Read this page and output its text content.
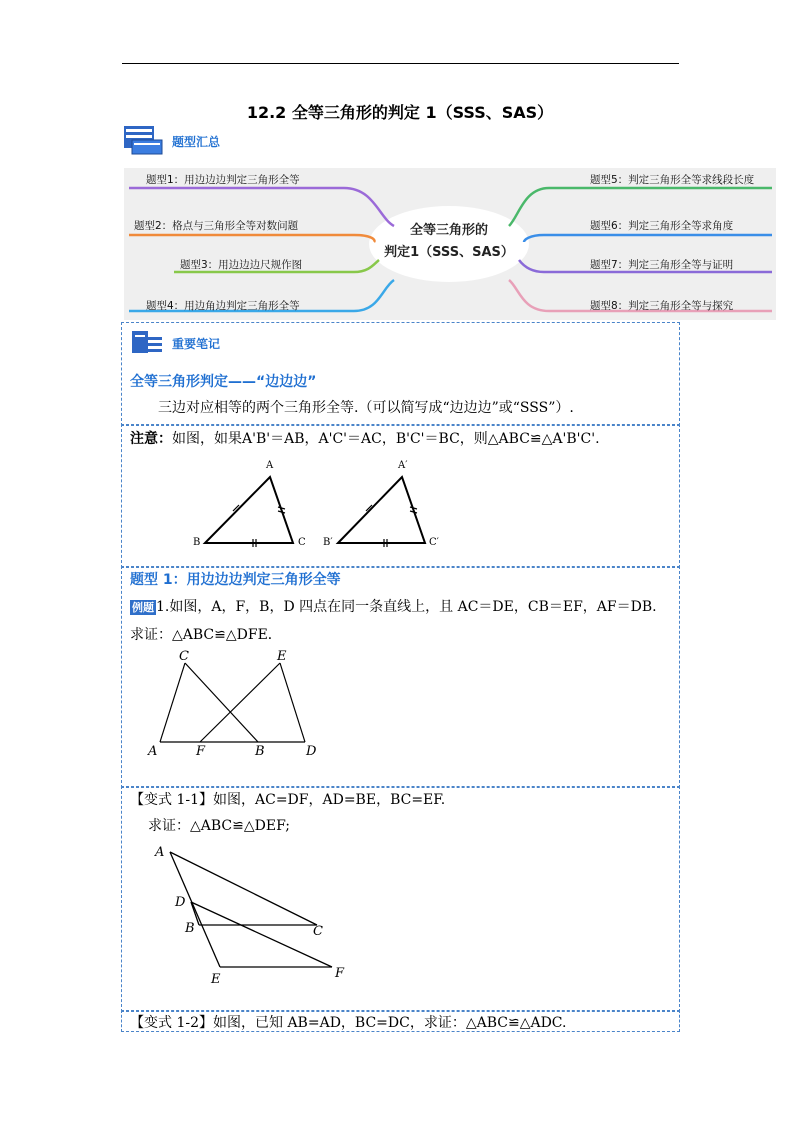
12.2 全等三角形的判定 1（SSS、SAS）
题型汇总
全等三角形的
判定1（SSS、SAS）
题型1：用边边边判定三角形全等
题型2：格点与三角形全等对数问题
题型3：用边边边尺规作图
题型4：用边角边判定三角形全等
题型5：判定三角形全等求线段长度
题型6：判定三角形全等求角度
题型7：判定三角形全等与证明
题型8：判定三角形全等与探究
重要笔记
全等三角形判定——“边边边”
三边对应相等的两个三角形全等.（可以简写成“边边边”或“SSS”）.
注意：如图，如果A'B'＝AB，A'C'＝AC，B'C'＝BC，则△ABC≌△A'B'C'.
A
B	C
A′
B′	C′
题型 1：用边边边判定三角形全等
例题 1.如图，A，F，B，D 四点在同一条直线上，且 AC＝DE，CB＝EF，AF＝DB.
求证：△ABC≌△DFE．
A	F	B	D
C	E
【变式 1-1】如图，AC=DF，AD=BE，BC=EF.
求证：△ABC≌△DEF;
A
D
B	C
E	F
【变式 1-2】如图，已知 AB=AD，BC=DC，求证：△ABC≌△ADC.
